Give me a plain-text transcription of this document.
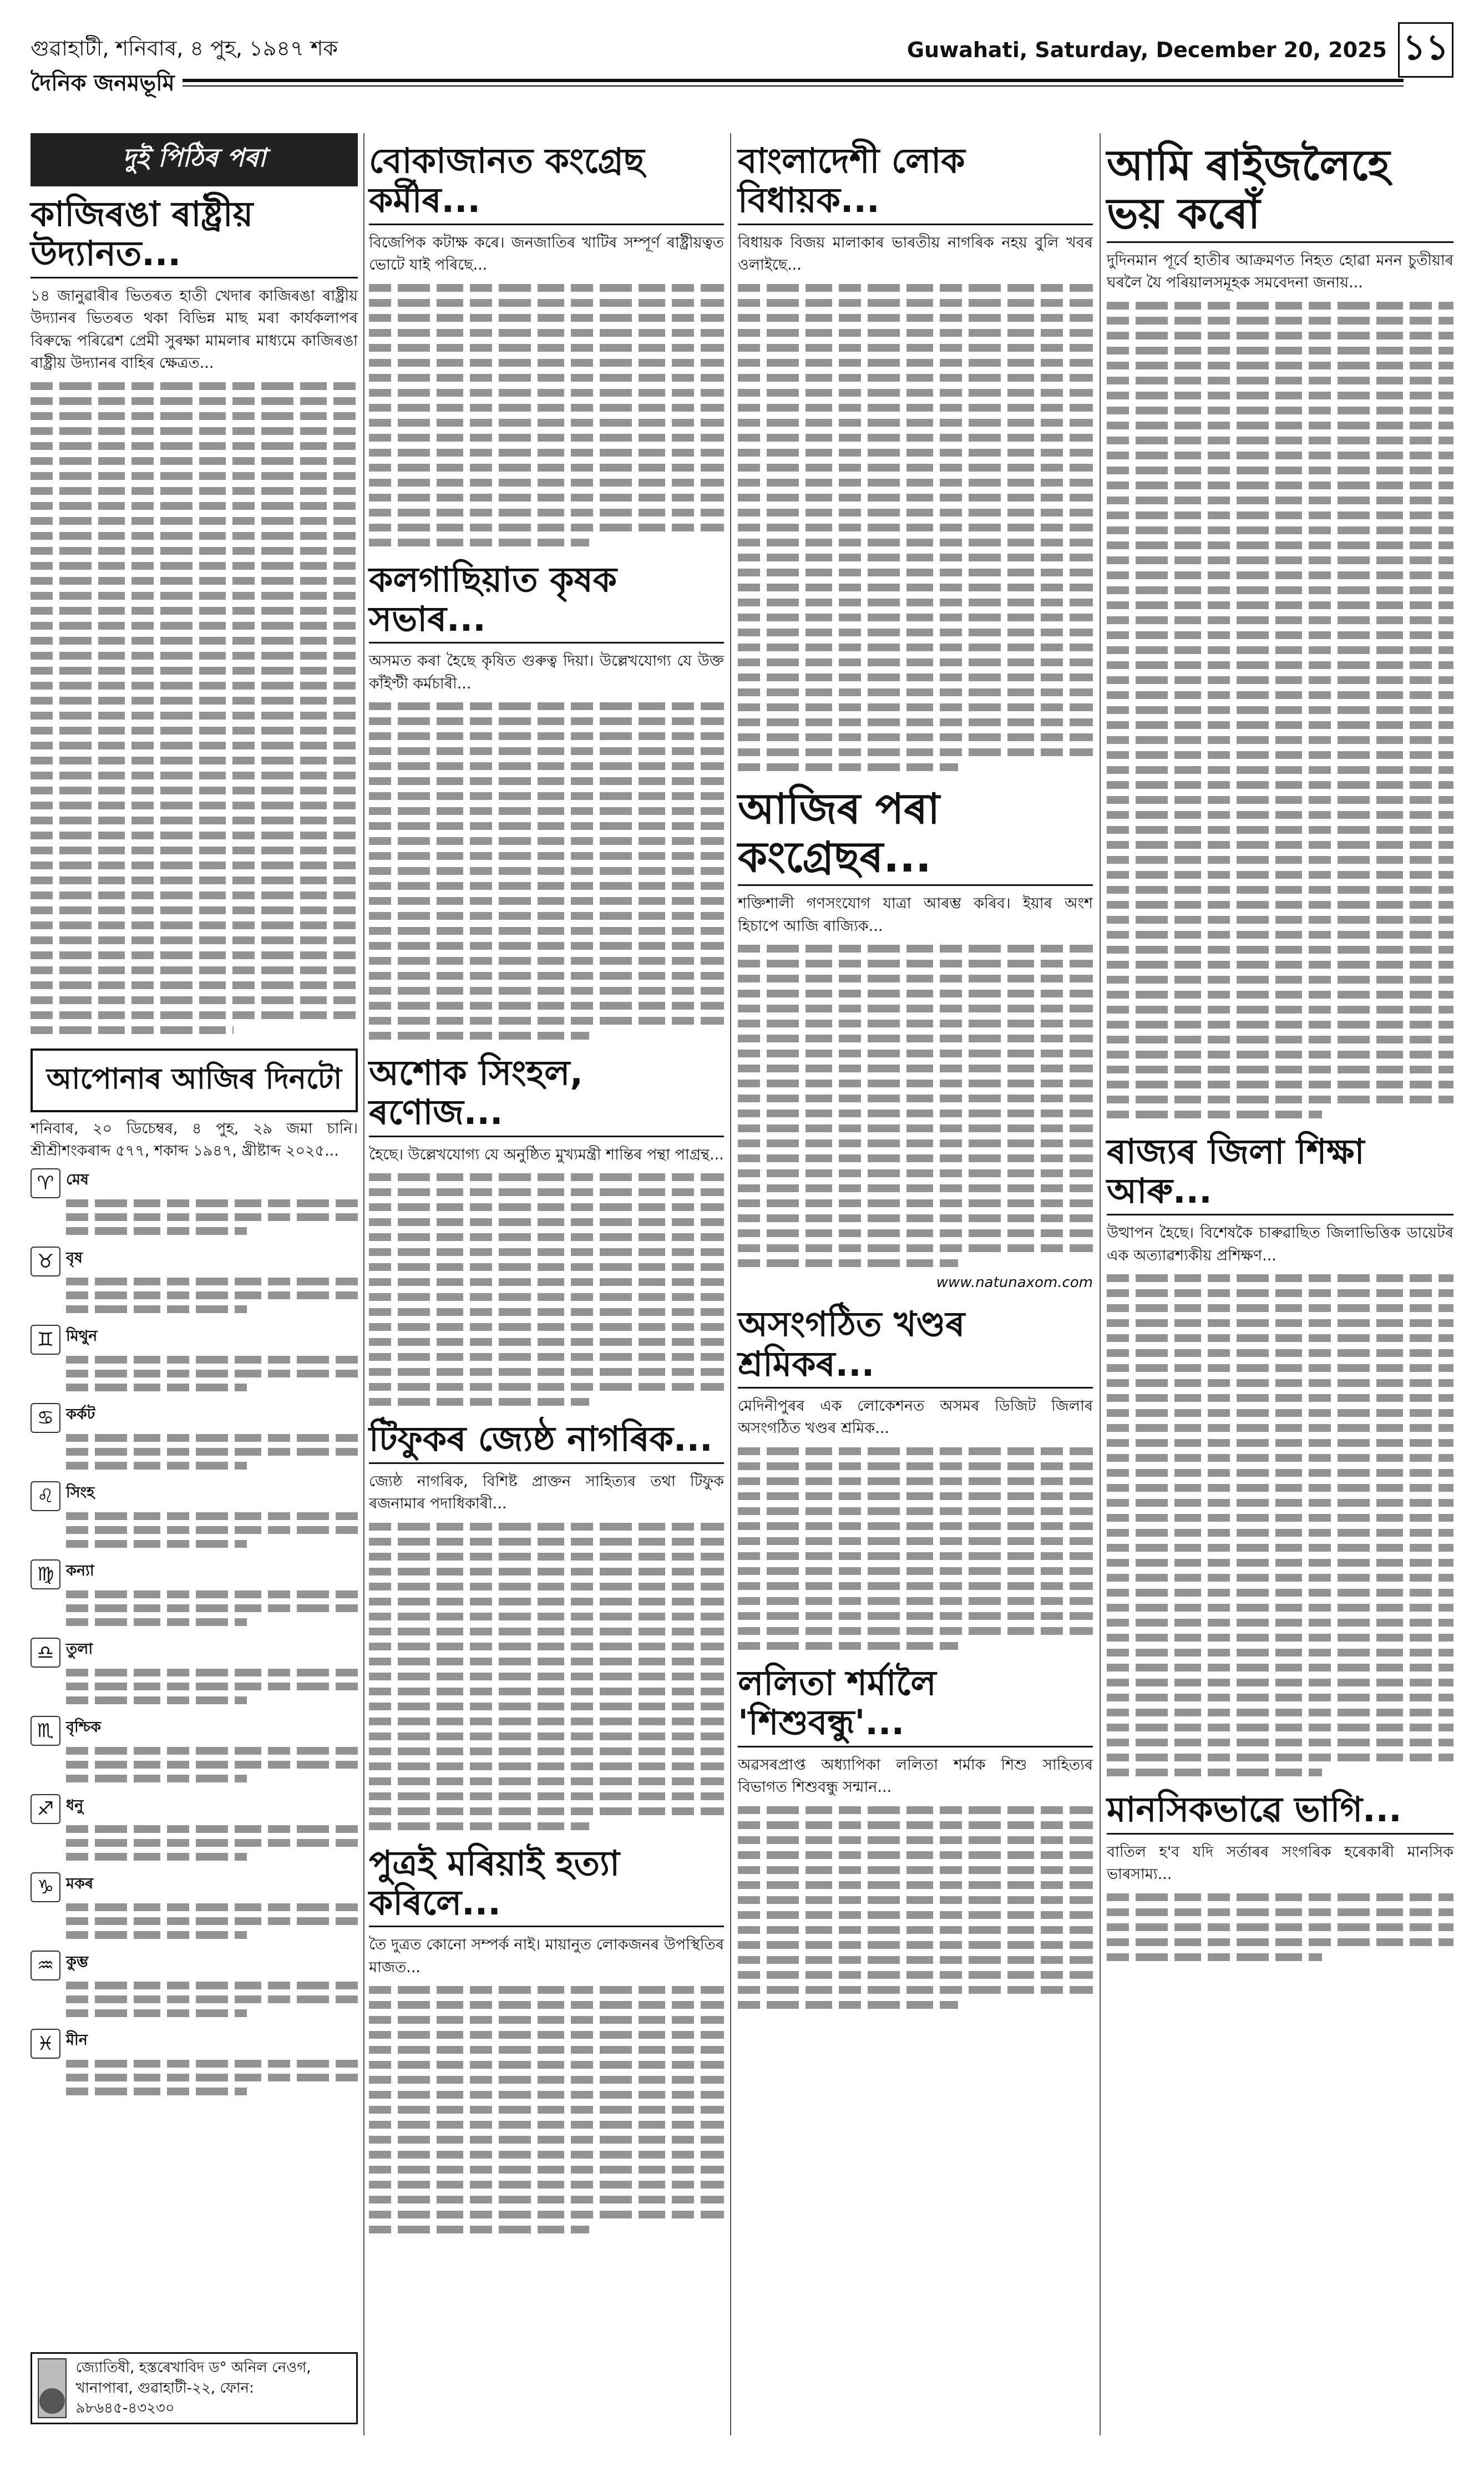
গুৱাহাটী, শনিবাৰ, ৪ পুহ, ১৯৪৭ শক
দৈনিক জনমভূমি
Guwahati, Saturday, December 20, 2025 ১১
দুই পিঠিৰ পৰা
কাজিৰঙা ৰাষ্ট্ৰীয় উদ্যানত...
১৪ জানুৱাৰীৰ ভিতৰত হাতী খেদাৰ কাজিৰঙা ৰাষ্ট্ৰীয় উদ্যানৰ ভিতৰত থকা বিভিন্ন মাছ মৰা কাৰ্যকলাপৰ বিৰুদ্ধে পৰিৱেশ প্ৰেমী সুৰক্ষা মামলাৰ মাধ্যমে কাজিৰঙা ৰাষ্ট্ৰীয় উদ্যানৰ বাহিৰ ক্ষেত্ৰত...
আপোনাৰ আজিৰ দিনটো
শনিবাৰ, ২০ ডিচেম্বৰ, ৪ পুহ, ২৯ জমা চানি। শ্ৰীশ্ৰীশংকৰাব্দ ৫৭৭, শকাব্দ ১৯৪৭, খ্ৰীষ্টাব্দ ২০২৫...
♈ মেষ
♉ বৃষ
♊ মিথুন
♋ কৰ্কট
♌ সিংহ
♍ কন্যা
♎ তুলা
♏ বৃশ্চিক
♐ ধনু
♑ মকৰ
♒ কুম্ভ
♓ মীন
জ্যোতিষী, হস্তৰেখাবিদ ড° অনিল নেওগ, খানাপাৰা, গুৱাহাটী-২২, ফোন: ৯৮৬৪৫-৪৩২৩০
বোকাজানত কংগ্ৰেছ কৰ্মীৰ...
বিজেপিক কটাক্ষ কৰে। জনজাতিৰ খাটিৰ সম্পূৰ্ণ ৰাষ্ট্ৰীয়ত্বত ভোটে যাই পৰিছে...
কলগাছিয়াত কৃষক সভাৰ...
অসমত কৰা হৈছে কৃষিত গুৰুত্ব দিয়া। উল্লেখযোগ্য যে উক্ত কাঁইণ্টী কৰ্মচাৰী...
অশোক সিংহল, ৰণোজ...
হৈছে। উল্লেখযোগ্য যে অনুষ্ঠিত মুখ্যমন্ত্ৰী শান্তিৰ পন্থা পাগ্ৰন্থ...
টিফুকৰ জ্যেষ্ঠ নাগৰিক...
জ্যেষ্ঠ নাগৰিক, বিশিষ্ট প্ৰাক্তন সাহিত্যৰ তথা টিফুক ৰজনামাৰ পদাধিকাৰী...
পুত্ৰই মৰিয়াই হত্যা কৰিলে...
তৈ দুত্ৰত কোনো সম্পৰ্ক নাই। মায়ানুত লোকজনৰ উপস্থিতিৰ মাজত...
বাংলাদেশী লোক বিধায়ক...
বিধায়ক বিজয় মালাকাৰ ভাৰতীয় নাগৰিক নহয় বুলি খবৰ ওলাইছে...
আজিৰ পৰা কংগ্ৰেছৰ...
শক্তিশালী গণসংযোগ যাত্ৰা আৰম্ভ কৰিব। ইয়াৰ অংশ হিচাপে আজি ৰাজ্যিক...
www.natunaxom.com
অসংগঠিত খণ্ডৰ শ্ৰমিকৰ...
মেদিনীপুৰৰ এক লোকেশনত অসমৰ ডিজিট জিলাৰ অসংগঠিত খণ্ডৰ শ্ৰমিক...
ললিতা শৰ্মালৈ 'শিশুবন্ধু'...
অৱসৰপ্ৰাপ্ত অধ্যাপিকা ললিতা শৰ্মাক শিশু সাহিত্যৰ বিভাগত শিশুবন্ধু সন্মান...
আমি ৰাইজলৈহে ভয় কৰোঁ
দুদিনমান পূৰ্বে হাতীৰ আক্ৰমণত নিহত হোৱা মনন চুতীয়াৰ ঘৰলৈ যৈ পৰিয়ালসমূহক সমবেদনা জনায়...
ৰাজ্যৰ জিলা শিক্ষা আৰু...
উত্থাপন হৈছে। বিশেষকৈ চাৰুৱাছিত জিলাভিত্তিক ডায়েটৰ এক অত্যাৱশ্যকীয় প্ৰশিক্ষণ...
মানসিকভাৱে ভাগি...
বাতিল হ'ব যদি সৰ্তাৰৰ সংগৰিক হৰেকাৰী মানসিক ভাৰসাম্য...
